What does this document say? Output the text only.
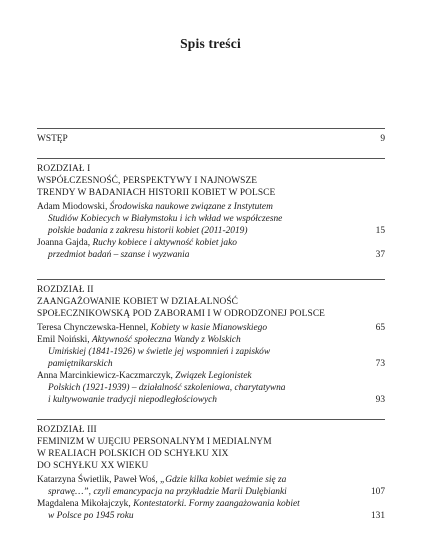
Spis treści
WSTĘP	9
ROZDZIAŁ I
WSPÓŁCZESNOŚĆ, PERSPEKTYWY I NAJNOWSZE
TRENDY W BADANIACH HISTORII KOBIET W POLSCE
Adam Miodowski, Środowiska naukowe związane z Instytutem
Studiów Kobiecych w Białymstoku i ich wkład we współczesne
polskie badania z zakresu historii kobiet (2011-2019)	15
Joanna Gajda, Ruchy kobiece i aktywność kobiet jako
przedmiot badań – szanse i wyzwania	37
ROZDZIAŁ II
ZAANGAŻOWANIE KOBIET W DZIAŁALNOŚĆ
SPOŁECZNIKOWSKĄ POD ZABORAMI I W ODRODZONEJ POLSCE
Teresa Chynczewska-Hennel, Kobiety w kasie Mianowskiego	65
Emil Noiński, Aktywność społeczna Wandy z Wolskich
Umińskiej (1841-1926) w świetle jej wspomnień i zapisków
pamiętnikarskich	73
Anna Marcinkiewicz-Kaczmarczyk, Związek Legionistek
Polskich (1921-1939) – działalność szkoleniowa, charytatywna
i kultywowanie tradycji niepodległościowych	93
ROZDZIAŁ III
FEMINIZM W UJĘCIU PERSONALNYM I MEDIALNYM
W REALIACH POLSKICH OD SCHYŁKU XIX
DO SCHYŁKU XX WIEKU
Katarzyna Świetlik, Paweł Woś, „Gdzie kilka kobiet weźmie się za
sprawę…”, czyli emancypacja na przykładzie Marii Dulębianki	107
Magdalena Mikołajczyk, Kontestatorki. Formy zaangażowania kobiet
w Polsce po 1945 roku	131
